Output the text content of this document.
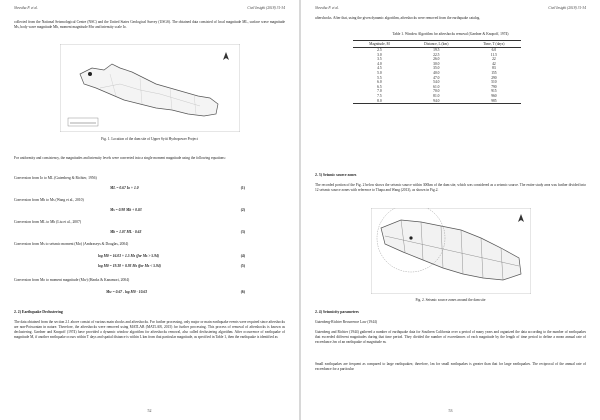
Shrestha P. et al.	Civil Insight (2018) 31-34

collected from the National Seismological Centre (NSC) and the United States Geological Survey (USGS). The obtained data consisted of local magnitude ML, surface wave magnitude Ms, body wave magnitude Mb, moment magnitude Mw and intensity scale Io.

Fig. 1. Location of the dam site of Upper Syiti Hydropower Project

For uniformity and consistency, the magnitudes and intensity levels were converted into a single moment magnitude using the following equations:

Conversion from Io to ML (Gutenberg & Richter, 1956)
ML = 0.67 Io + 1.0	(1)
Conversion from Mb to Ms (Wang et al., 2010)
Ms = 0.98 Mb + 0.03	(2)
Conversion from ML to Mb (Liu et al., 2007)
Mb = 1.07 ML - 0.63	(3)
Conversion from Ms to seismic moment (Mo) (Ambraseys & Douglas, 2004)
log M0 = 16.03 + 1.5 Ms (for Ms > 5.94)	(4)
log M0 = 19.38 + 0.93 Ms (for Ms < 5.94)	(5)
Conversion from Mo to moment magnitude (Mw) (Hanks & Kanamori, 2004)
Mw = 0.67 . log M0 - 10.63	(6)
2. 2) Earthquake Declustering

The data obtained from the section 2.1 above consist of various main shocks and aftershocks. For further processing, only major or main earthquake events were required since aftershocks are non-Poissonian in nature. Therefore, the aftershocks were removed using MATLAB (MATLAB, 2015) for further processing. This process of removal of aftershocks is known as declustering. Gardner and Knopoff (1974) have provided a dynamic window algorithm for aftershocks removal, also called declustering algorithm. After occurrence of earthquake of magnitude M, if another earthquake occurs within T days and spatial distance is within L km from that particular magnitude, as specified in Table 1, then the earthquake is identified as

52
Shrestha P. et al.	Civil Insight (2018) 31-34

aftershocks. After that, using the given dynamic algorithm, aftershocks were removed from the earthquake catalog.

Table 1. Window Algorithm for aftershocks removal (Gardner & Knopoff, 1974)
Magnitude, M	Distance, L (km)	Time, T (days)
2.5	19.5	6.0
3.0	22.5	11.5
3.5	26.0	22
4.0	30.0	42
4.5	35.0	83
5.0	40.0	155
5.5	47.0	290
6.0	54.0	510
6.5	61.0	790
7.0	70.0	915
7.5	81.0	960
8.0	94.0	985
2. 3) Seismic source zones

The recorded portion of the Fig. 2 below shows the seismic source within 300km of the dam site, which was considered as a seismic source. The entire study area was further divided into 12 seismic source zones with reference to Thapa and Wang (2013), as shown in Fig.2.

Fig. 2. Seismic source zones around the dam site
2. 4) Seismicity parameters
Gutenberg-Richter Recurrence Law (1944)

Gutenberg and Richter (1944) gathered a number of earthquake data for Southern California over a period of many years and organized the data according to the number of earthquakes that exceeded different magnitudes during that time period. They divided the number of exceedances of each magnitude by the length of time period to define a mean annual rate of exceedance λm of an earthquake of magnitude m.

Small earthquakes are frequent as compared to large earthquakes; therefore, λm for small earthquakes is greater than that for large earthquakes. The reciprocal of the annual rate of exceedance for a particular

53
